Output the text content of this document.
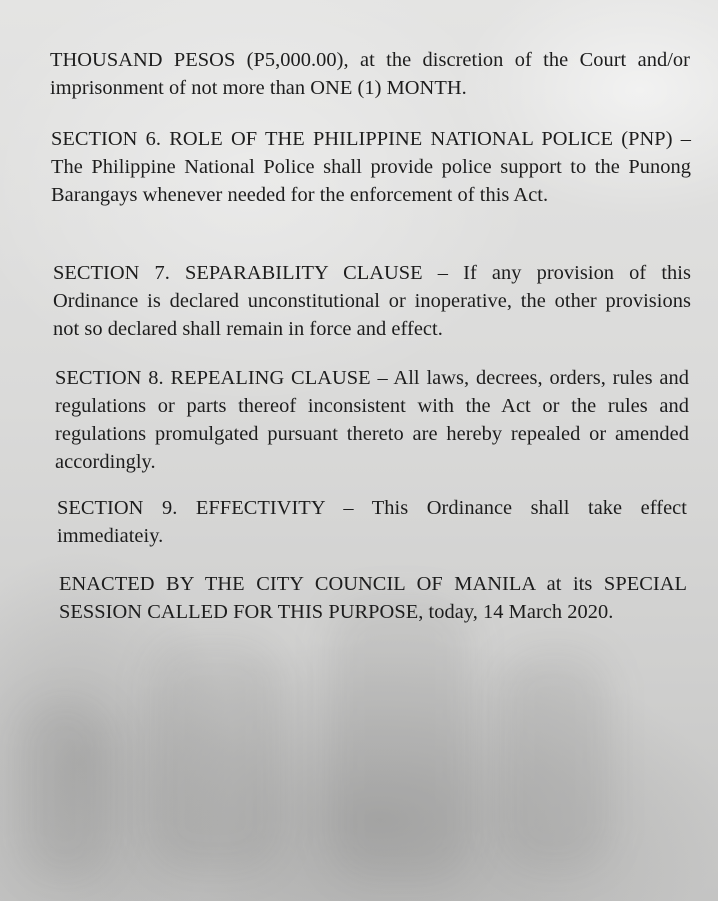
THOUSAND PESOS (P5,000.00), at the discretion of the Court and/or imprisonment of not more than ONE (1) MONTH.

SECTION 6. ROLE OF THE PHILIPPINE NATIONAL POLICE (PNP) – The Philippine National Police shall provide police support to the Punong Barangays whenever needed for the enforcement of this Act.

SECTION 7. SEPARABILITY CLAUSE – If any provision of this Ordinance is declared unconstitutional or inoperative, the other provisions not so declared shall remain in force and effect.

SECTION 8. REPEALING CLAUSE – All laws, decrees, orders, rules and regulations or parts thereof inconsistent with the Act or the rules and regulations promulgated pursuant thereto are hereby repealed or amended accordingly.

SECTION 9. EFFECTIVITY – This Ordinance shall take effect immediateiy.

ENACTED BY THE CITY COUNCIL OF MANILA at its SPECIAL SESSION CALLED FOR THIS PURPOSE, today, 14 March 2020.
